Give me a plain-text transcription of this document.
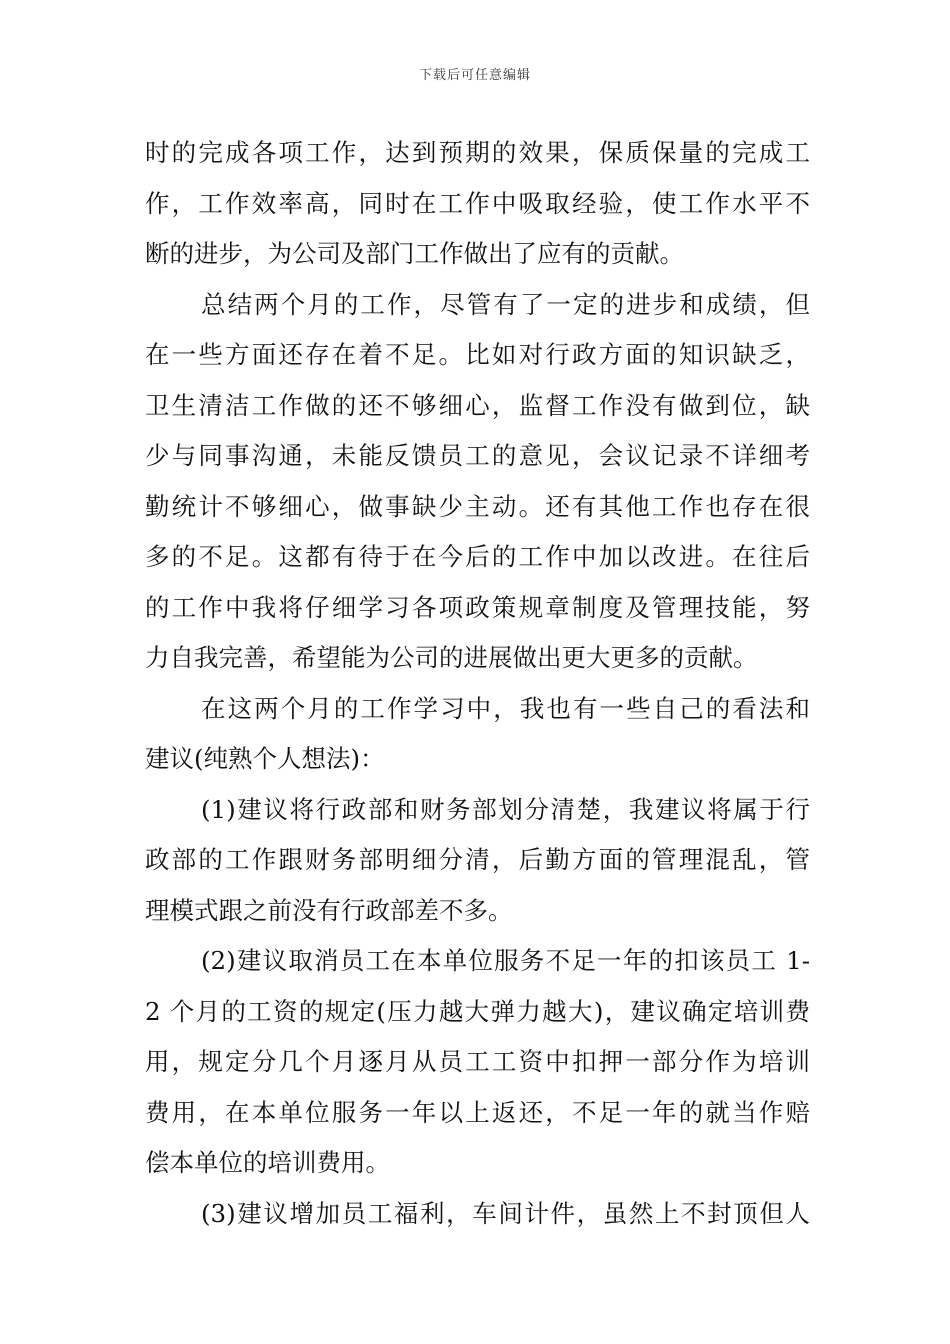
下载后可任意编辑
时的完成各项工作，达到预期的效果，保质保量的完成工
作，工作效率高，同时在工作中吸取经验，使工作水平不
断的进步，为公司及部门工作做出了应有的贡献。
总结两个月的工作，尽管有了一定的进步和成绩，但
在一些方面还存在着不足。比如对行政方面的知识缺乏，
卫生清洁工作做的还不够细心，监督工作没有做到位，缺
少与同事沟通，未能反馈员工的意见，会议记录不详细考
勤统计不够细心，做事缺少主动。还有其他工作也存在很
多的不足。这都有待于在今后的工作中加以改进。在往后
的工作中我将仔细学习各项政策规章制度及管理技能，努
力自我完善，希望能为公司的进展做出更大更多的贡献。
在这两个月的工作学习中，我也有一些自己的看法和
建议(纯熟个人想法)：
(1)建议将行政部和财务部划分清楚，我建议将属于行
政部的工作跟财务部明细分清，后勤方面的管理混乱，管
理模式跟之前没有行政部差不多。
(2)建议取消员工在本单位服务不足一年的扣该员工 1-
2 个月的工资的规定(压力越大弹力越大)，建议确定培训费
用，规定分几个月逐月从员工工资中扣押一部分作为培训
费用，在本单位服务一年以上返还，不足一年的就当作赔
偿本单位的培训费用。
(3)建议增加员工福利，车间计件，虽然上不封顶但人
